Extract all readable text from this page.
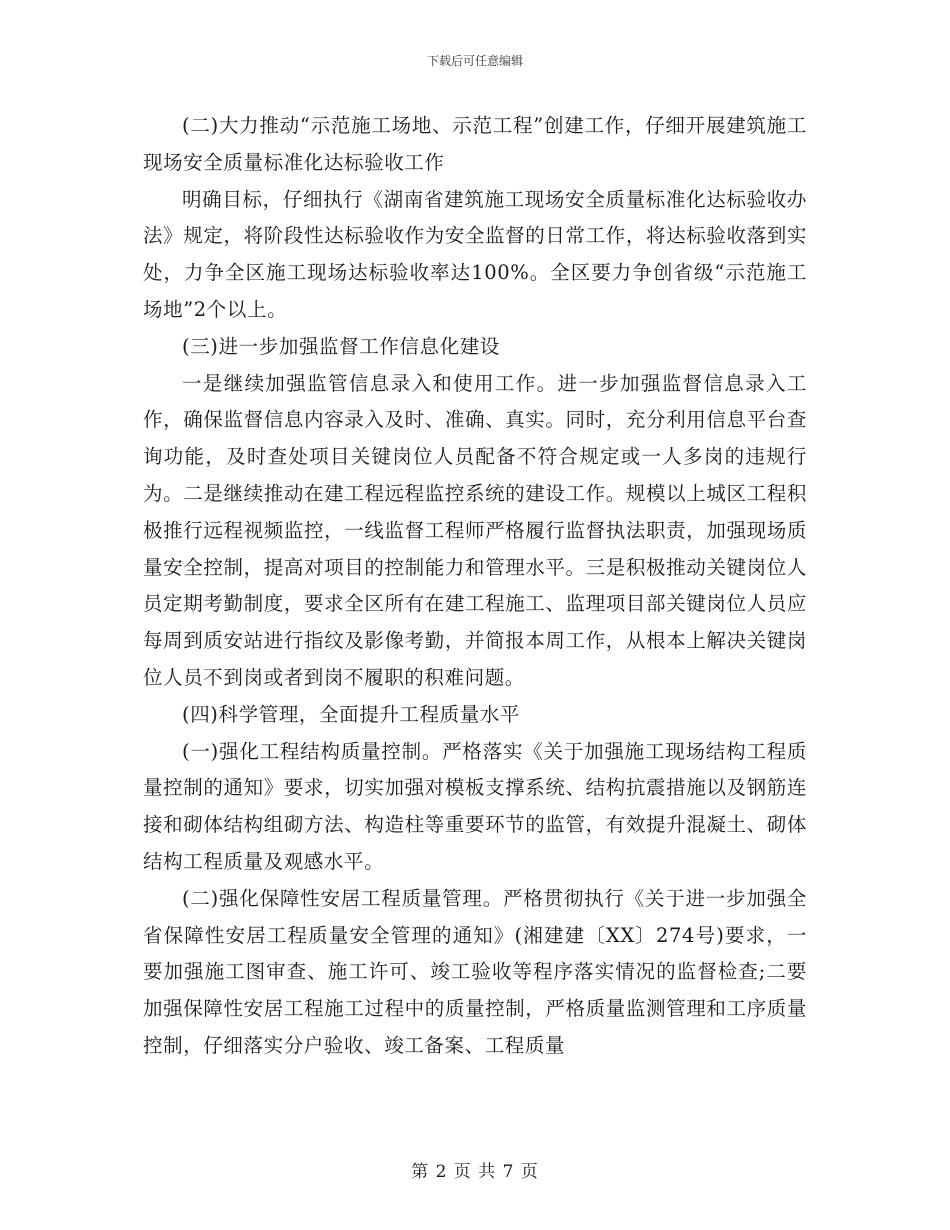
下载后可任意编辑

(二)大力推动“示范施工场地、示范工程”创建工作，仔细开展建筑施工现场安全质量标准化达标验收工作

明确目标，仔细执行《湖南省建筑施工现场安全质量标准化达标验收办法》规定，将阶段性达标验收作为安全监督的日常工作，将达标验收落到实处，力争全区施工现场达标验收率达100%。全区要力争创省级“示范施工场地”2个以上。

(三)进一步加强监督工作信息化建设

一是继续加强监管信息录入和使用工作。进一步加强监督信息录入工作，确保监督信息内容录入及时、准确、真实。同时，充分利用信息平台查询功能，及时查处项目关键岗位人员配备不符合规定或一人多岗的违规行为。二是继续推动在建工程远程监控系统的建设工作。规模以上城区工程积极推行远程视频监控，一线监督工程师严格履行监督执法职责，加强现场质量安全控制，提高对项目的控制能力和管理水平。三是积极推动关键岗位人员定期考勤制度，要求全区所有在建工程施工、监理项目部关键岗位人员应每周到质安站进行指纹及影像考勤，并简报本周工作，从根本上解决关键岗位人员不到岗或者到岗不履职的积难问题。

(四)科学管理，全面提升工程质量水平

(一)强化工程结构质量控制。严格落实《关于加强施工现场结构工程质量控制的通知》要求，切实加强对模板支撑系统、结构抗震措施以及钢筋连接和砌体结构组砌方法、构造柱等重要环节的监管，有效提升混凝土、砌体结构工程质量及观感水平。

(二)强化保障性安居工程质量管理。严格贯彻执行《关于进一步加强全省保障性安居工程质量安全管理的通知》(湘建建〔XX〕274号)要求，一要加强施工图审查、施工许可、竣工验收等程序落实情况的监督检查;二要加强保障性安居工程施工过程中的质量控制，严格质量监测管理和工序质量控制，仔细落实分户验收、竣工备案、工程质量

第 2 页 共 7 页
